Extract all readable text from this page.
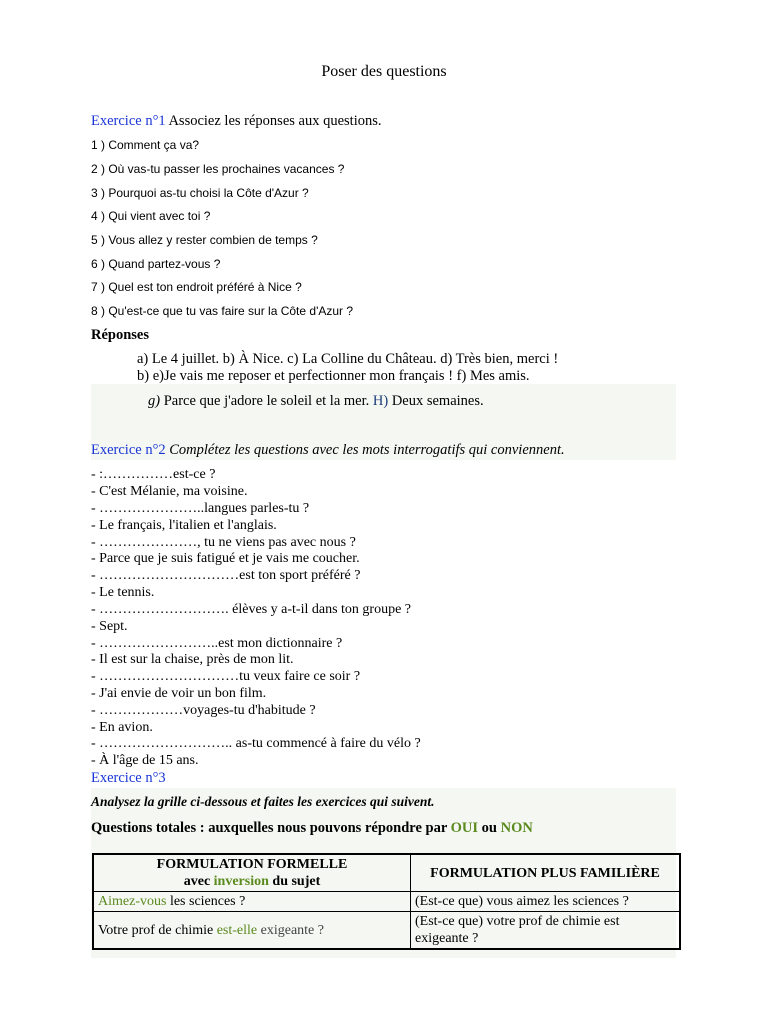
Poser des questions
Exercice n°1 Associez les réponses aux questions.
1 ) Comment ça va?
2 ) Où vas-tu passer les prochaines vacances ?
3 ) Pourquoi as-tu choisi la Côte d'Azur ?
4 ) Qui vient avec toi ?
5 ) Vous allez y rester combien de temps ?
6 ) Quand partez-vous ?
7 ) Quel est ton endroit préféré à Nice ?
8 ) Qu'est-ce que tu vas faire sur la Côte d'Azur ?
Réponses
a) Le 4 juillet. b) À Nice. c) La Colline du Château. d) Très bien, merci !
b) e)Je vais me reposer et perfectionner mon français ! f) Mes amis.
g) Parce que j'adore le soleil et la mer. H) Deux semaines.
Exercice n°2 Complétez les questions avec les mots interrogatifs qui conviennent.
- :……………est-ce ?
- C'est Mélanie, ma voisine.
- …………………..langues parles-tu ?
- Le français, l'italien et l'anglais.
- …………………, tu ne viens pas avec nous ?
- Parce que je suis fatigué et je vais me coucher.
- …………………………est ton sport préféré ?
- Le tennis.
- ………………………. élèves y a-t-il dans ton groupe ?
- Sept.
- ……………………..est mon dictionnaire ?
- Il est sur la chaise, près de mon lit.
- …………………………tu veux faire ce soir ?
- J'ai envie de voir un bon film.
- ………………voyages-tu d'habitude ?
- En avion.
- ……………………….. as-tu commencé à faire du vélo ?
- À l'âge de 15 ans.
Exercice n°3
Analysez la grille ci-dessous et faites les exercices qui suivent.
Questions totales : auxquelles nous pouvons répondre par OUI ou NON
FORMULATION FORMELLE
avec inversion du sujet	FORMULATION PLUS FAMILIÈRE
Aimez-vous les sciences ?	(Est-ce que) vous aimez les sciences ?
Votre prof de chimie est-elle exigeante ?	(Est-ce que) votre prof de chimie est exigeante ?
